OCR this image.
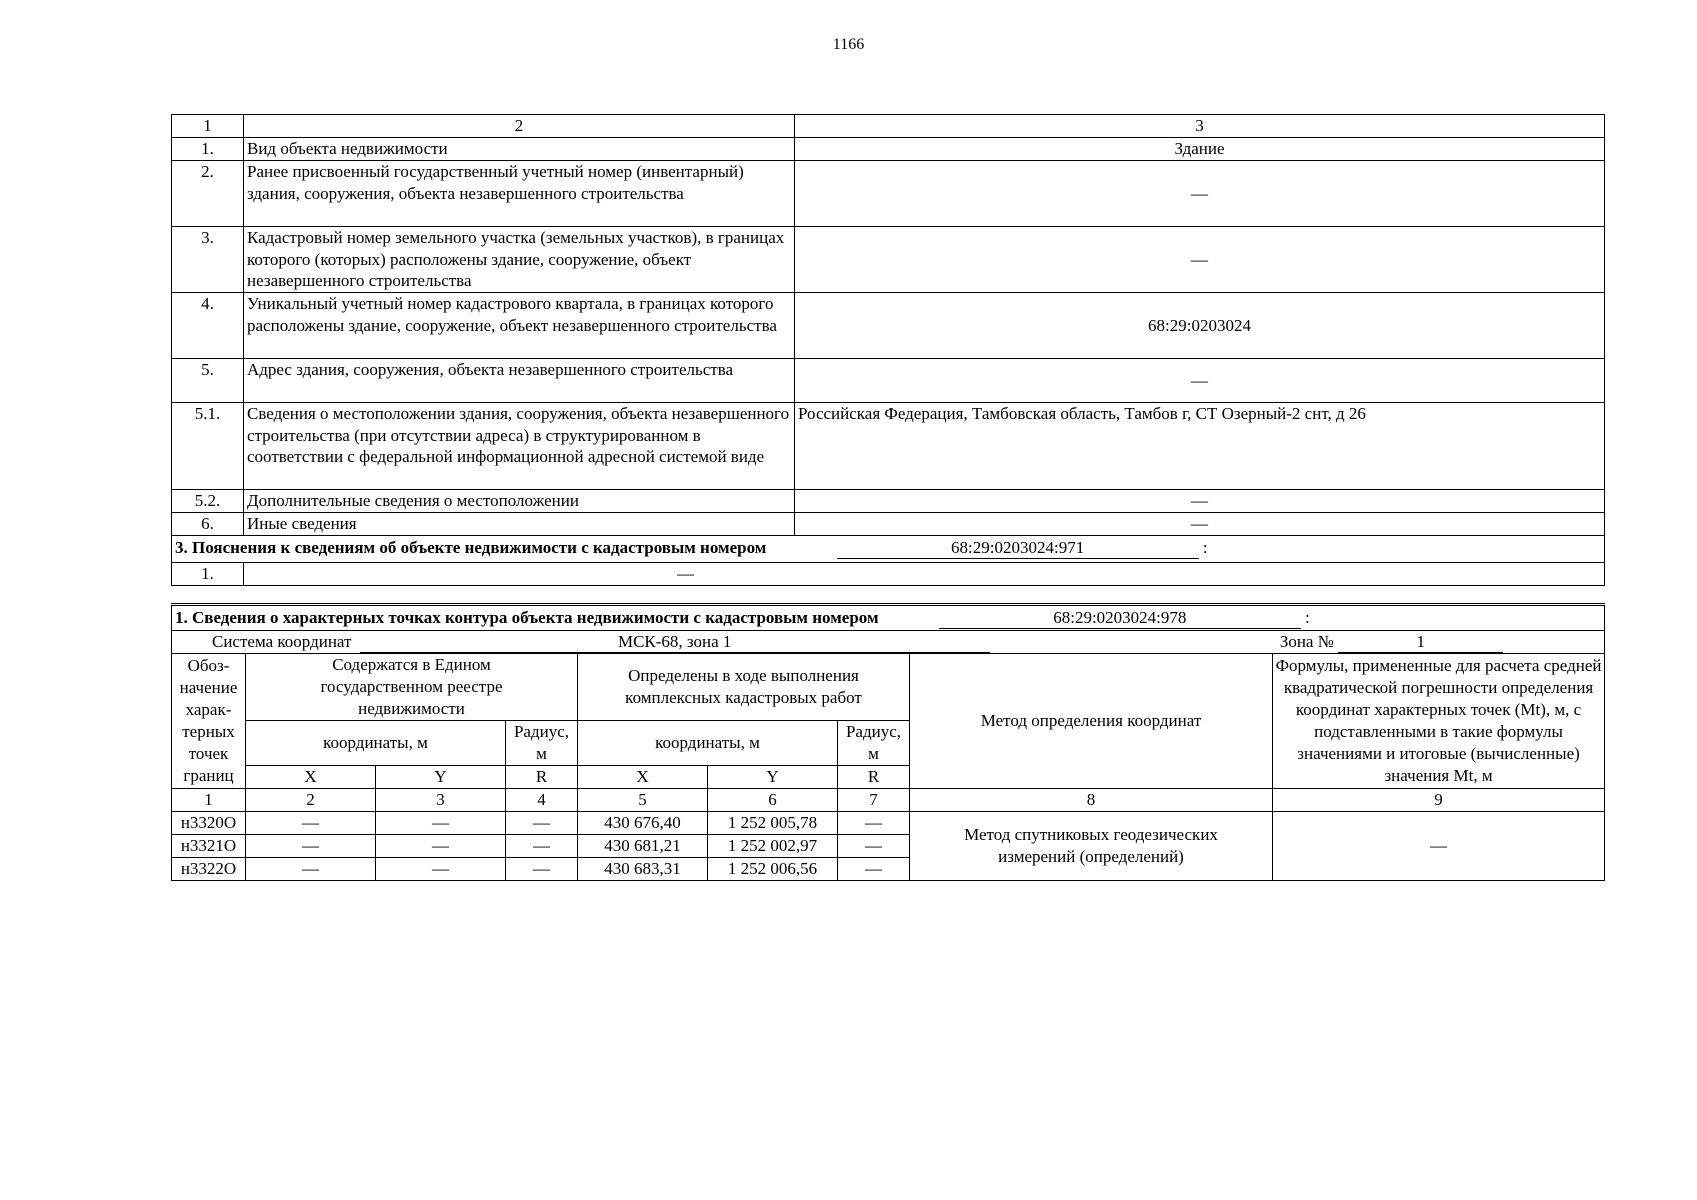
1166
1	2	3
1.	Вид объекта недвижимости	Здание
2.	Ранее присвоенный государственный учетный номер (инвентарный) здания, сооружения, объекта незавершенного строительства	—
3.	Кадастровый номер земельного участка (земельных участков), в границах которого (которых) расположены здание, сооружение, объект незавершенного строительства	—
4.	Уникальный учетный номер кадастрового квартала, в границах которого расположены здание, сооружение, объект незавершенного строительства	68:29:0203024
5.	Адрес здания, сооружения, объекта незавершенного строительства	—
5.1.	Сведения о местоположении здания, сооружения, объекта незавершенного строительства (при отсутствии адреса) в структурированном в соответствии с федеральной информационной адресной системой виде	Российская Федерация, Тамбовская область, Тамбов г, СТ Озерный-2 снт, д 26
5.2.	Дополнительные сведения о местоположении	—
6.	Иные сведения	—
3. Пояснения к сведениям об объекте недвижимости с кадастровым номером 68:29:0203024:971 :		
1.	—	
1. Сведения о характерных точках контура объекта недвижимости с кадастровым номером 68:29:0203024:978 :								
Система координат МСК-68, зона 1 Зона № 1								
Обоз-начение харак-терных точек границ	Содержатся в Едином государственном реестре недвижимости			Определены в ходе выполнения комплексных кадастровых работ			Метод определения координат	Формулы, примененные для расчета средней квадратической погрешности определения координат характерных точек (Mt), м, с подставленными в такие формулы значениями и итоговые (вычисленные) значения Mt, м
	координаты, м		Радиус, м	координаты, м		Радиус, м		
	X	Y	R	X	Y	R		
1	2	3	4	5	6	7	8	9
н3320О	—	—	—	430 676,40	1 252 005,78	—	Метод спутниковых геодезических измерений (определений)	—
н3321О	—	—	—	430 681,21	1 252 002,97	—		
н3322О	—	—	—	430 683,31	1 252 006,56	—		
